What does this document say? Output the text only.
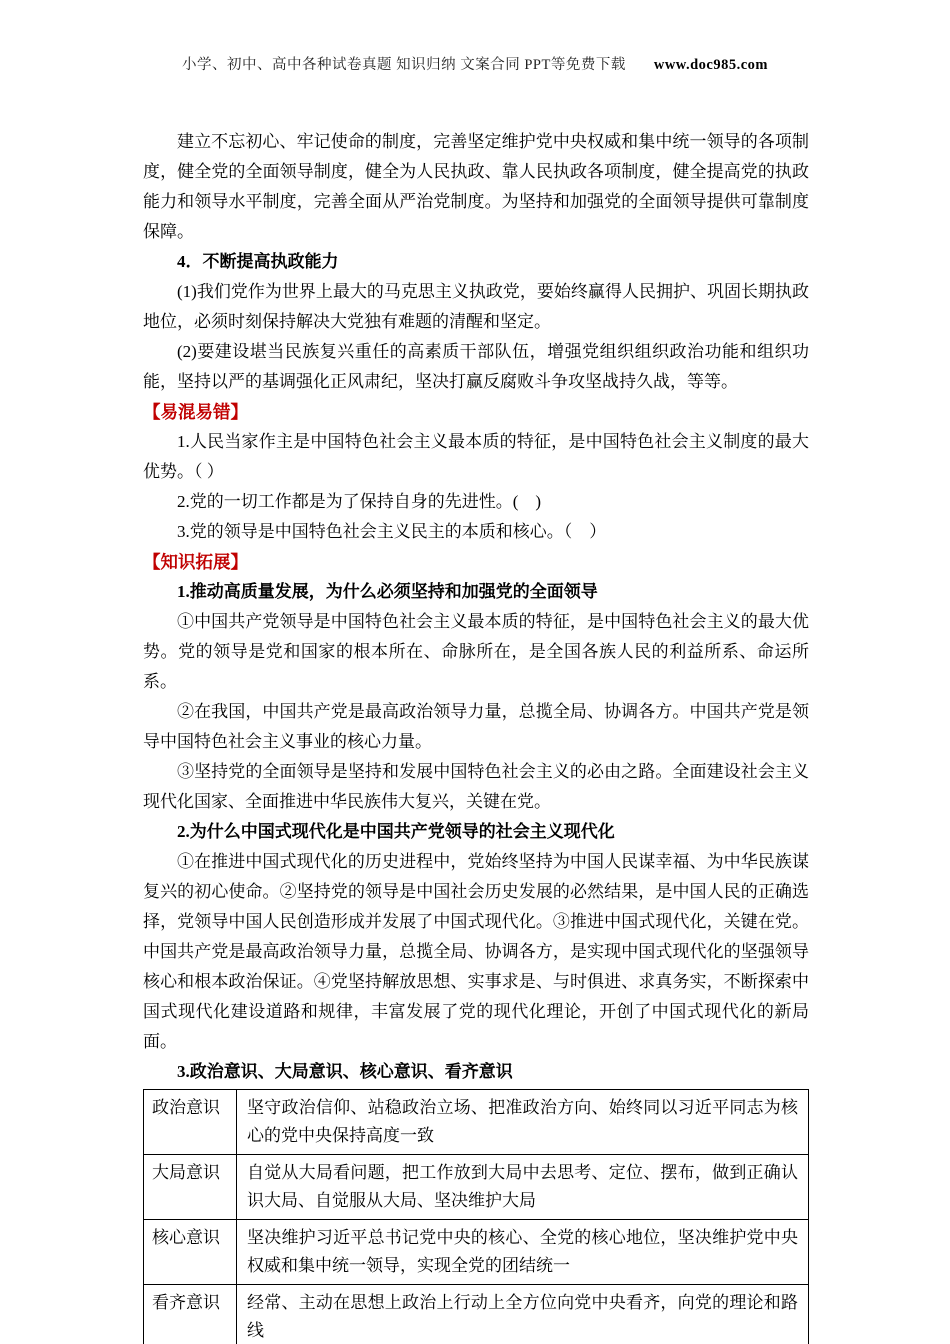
小学、初中、高中各种试卷真题 知识归纳 文案合同 PPT等免费下载 www.doc985.com

建立不忘初心、牢记使命的制度，完善坚定维护党中央权威和集中统一领导的各项制度，健全党的全面领导制度，健全为人民执政、靠人民执政各项制度，健全提高党的执政能力和领导水平制度，完善全面从严治党制度。为坚持和加强党的全面领导提供可靠制度保障。

4．不断提高执政能力

(1)我们党作为世界上最大的马克思主义执政党，要始终赢得人民拥护、巩固长期执政地位，必须时刻保持解决大党独有难题的清醒和坚定。

(2)要建设堪当民族复兴重任的高素质干部队伍，增强党组织组织政治功能和组织功能，坚持以严的基调强化正风肃纪，坚决打赢反腐败斗争攻坚战持久战，等等。

【易混易错】

1.人民当家作主是中国特色社会主义最本质的特征，是中国特色社会主义制度的最大优势。（ ）

2.党的一切工作都是为了保持自身的先进性。(　)

3.党的领导是中国特色社会主义民主的本质和核心。（　）

【知识拓展】

1.推动高质量发展，为什么必须坚持和加强党的全面领导

①中国共产党领导是中国特色社会主义最本质的特征，是中国特色社会主义的最大优势。党的领导是党和国家的根本所在、命脉所在，是全国各族人民的利益所系、命运所系。

②在我国，中国共产党是最高政治领导力量，总揽全局、协调各方。中国共产党是领导中国特色社会主义事业的核心力量。

③坚持党的全面领导是坚持和发展中国特色社会主义的必由之路。全面建设社会主义现代化国家、全面推进中华民族伟大复兴，关键在党。

2.为什么中国式现代化是中国共产党领导的社会主义现代化

①在推进中国式现代化的历史进程中，党始终坚持为中国人民谋幸福、为中华民族谋复兴的初心使命。②坚持党的领导是中国社会历史发展的必然结果，是中国人民的正确选择，党领导中国人民创造形成并发展了中国式现代化。③推进中国式现代化，关键在党。中国共产党是最高政治领导力量，总揽全局、协调各方，是实现中国式现代化的坚强领导核心和根本政治保证。④党坚持解放思想、实事求是、与时俱进、求真务实，不断探索中国式现代化建设道路和规律，丰富发展了党的现代化理论，开创了中国式现代化的新局面。

3.政治意识、大局意识、核心意识、看齐意识

政治意识	坚守政治信仰、站稳政治立场、把准政治方向、始终同以习近平同志为核心的党中央保持高度一致
大局意识	自觉从大局看问题，把工作放到大局中去思考、定位、摆布，做到正确认识大局、自觉服从大局、坚决维护大局
核心意识	坚决维护习近平总书记党中央的核心、全党的核心地位，坚决维护党中央权威和集中统一领导，实现全党的团结统一
看齐意识	经常、主动在思想上政治上行动上全方位向党中央看齐，向党的理论和路线
